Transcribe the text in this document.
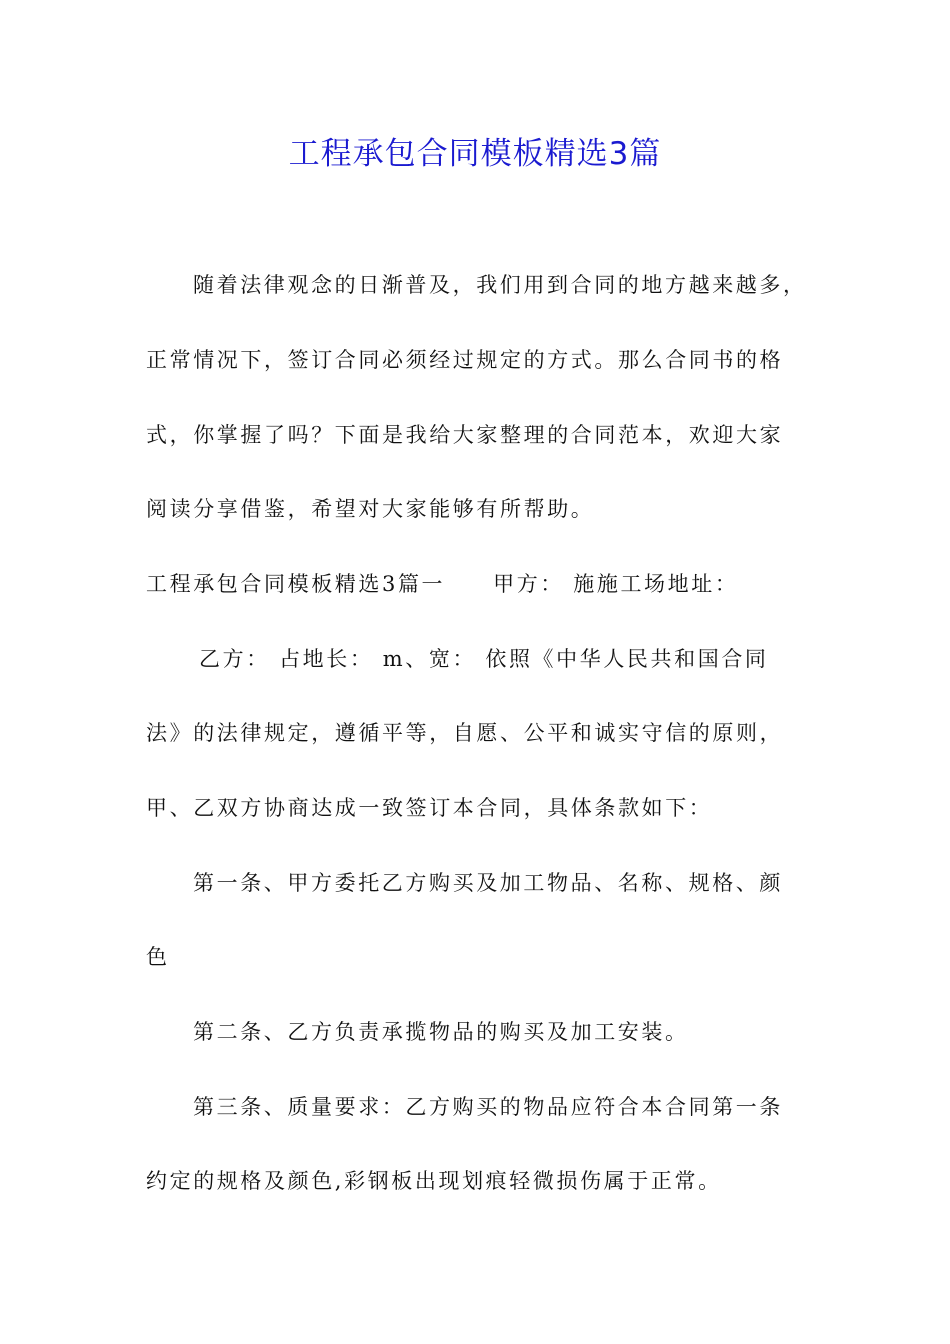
工程承包合同模板精选3篇
随着法律观念的日渐普及，我们用到合同的地方越来越多，
正常情况下，签订合同必须经过规定的方式。那么合同书的格
式，你掌握了吗？下面是我给大家整理的合同范本，欢迎大家
阅读分享借鉴，希望对大家能够有所帮助。
工程承包合同模板精选3篇一 甲方： 施施工场地址：
乙方： 占地长： m、宽： 依照《中华人民共和国合同
法》的法律规定，遵循平等，自愿、公平和诚实守信的原则，
甲、乙双方协商达成一致签订本合同，具体条款如下：
第一条、甲方委托乙方购买及加工物品、名称、规格、颜
色
第二条、乙方负责承揽物品的购买及加工安装。
第三条、质量要求：乙方购买的物品应符合本合同第一条
约定的规格及颜色,彩钢板出现划痕轻微损伤属于正常。
